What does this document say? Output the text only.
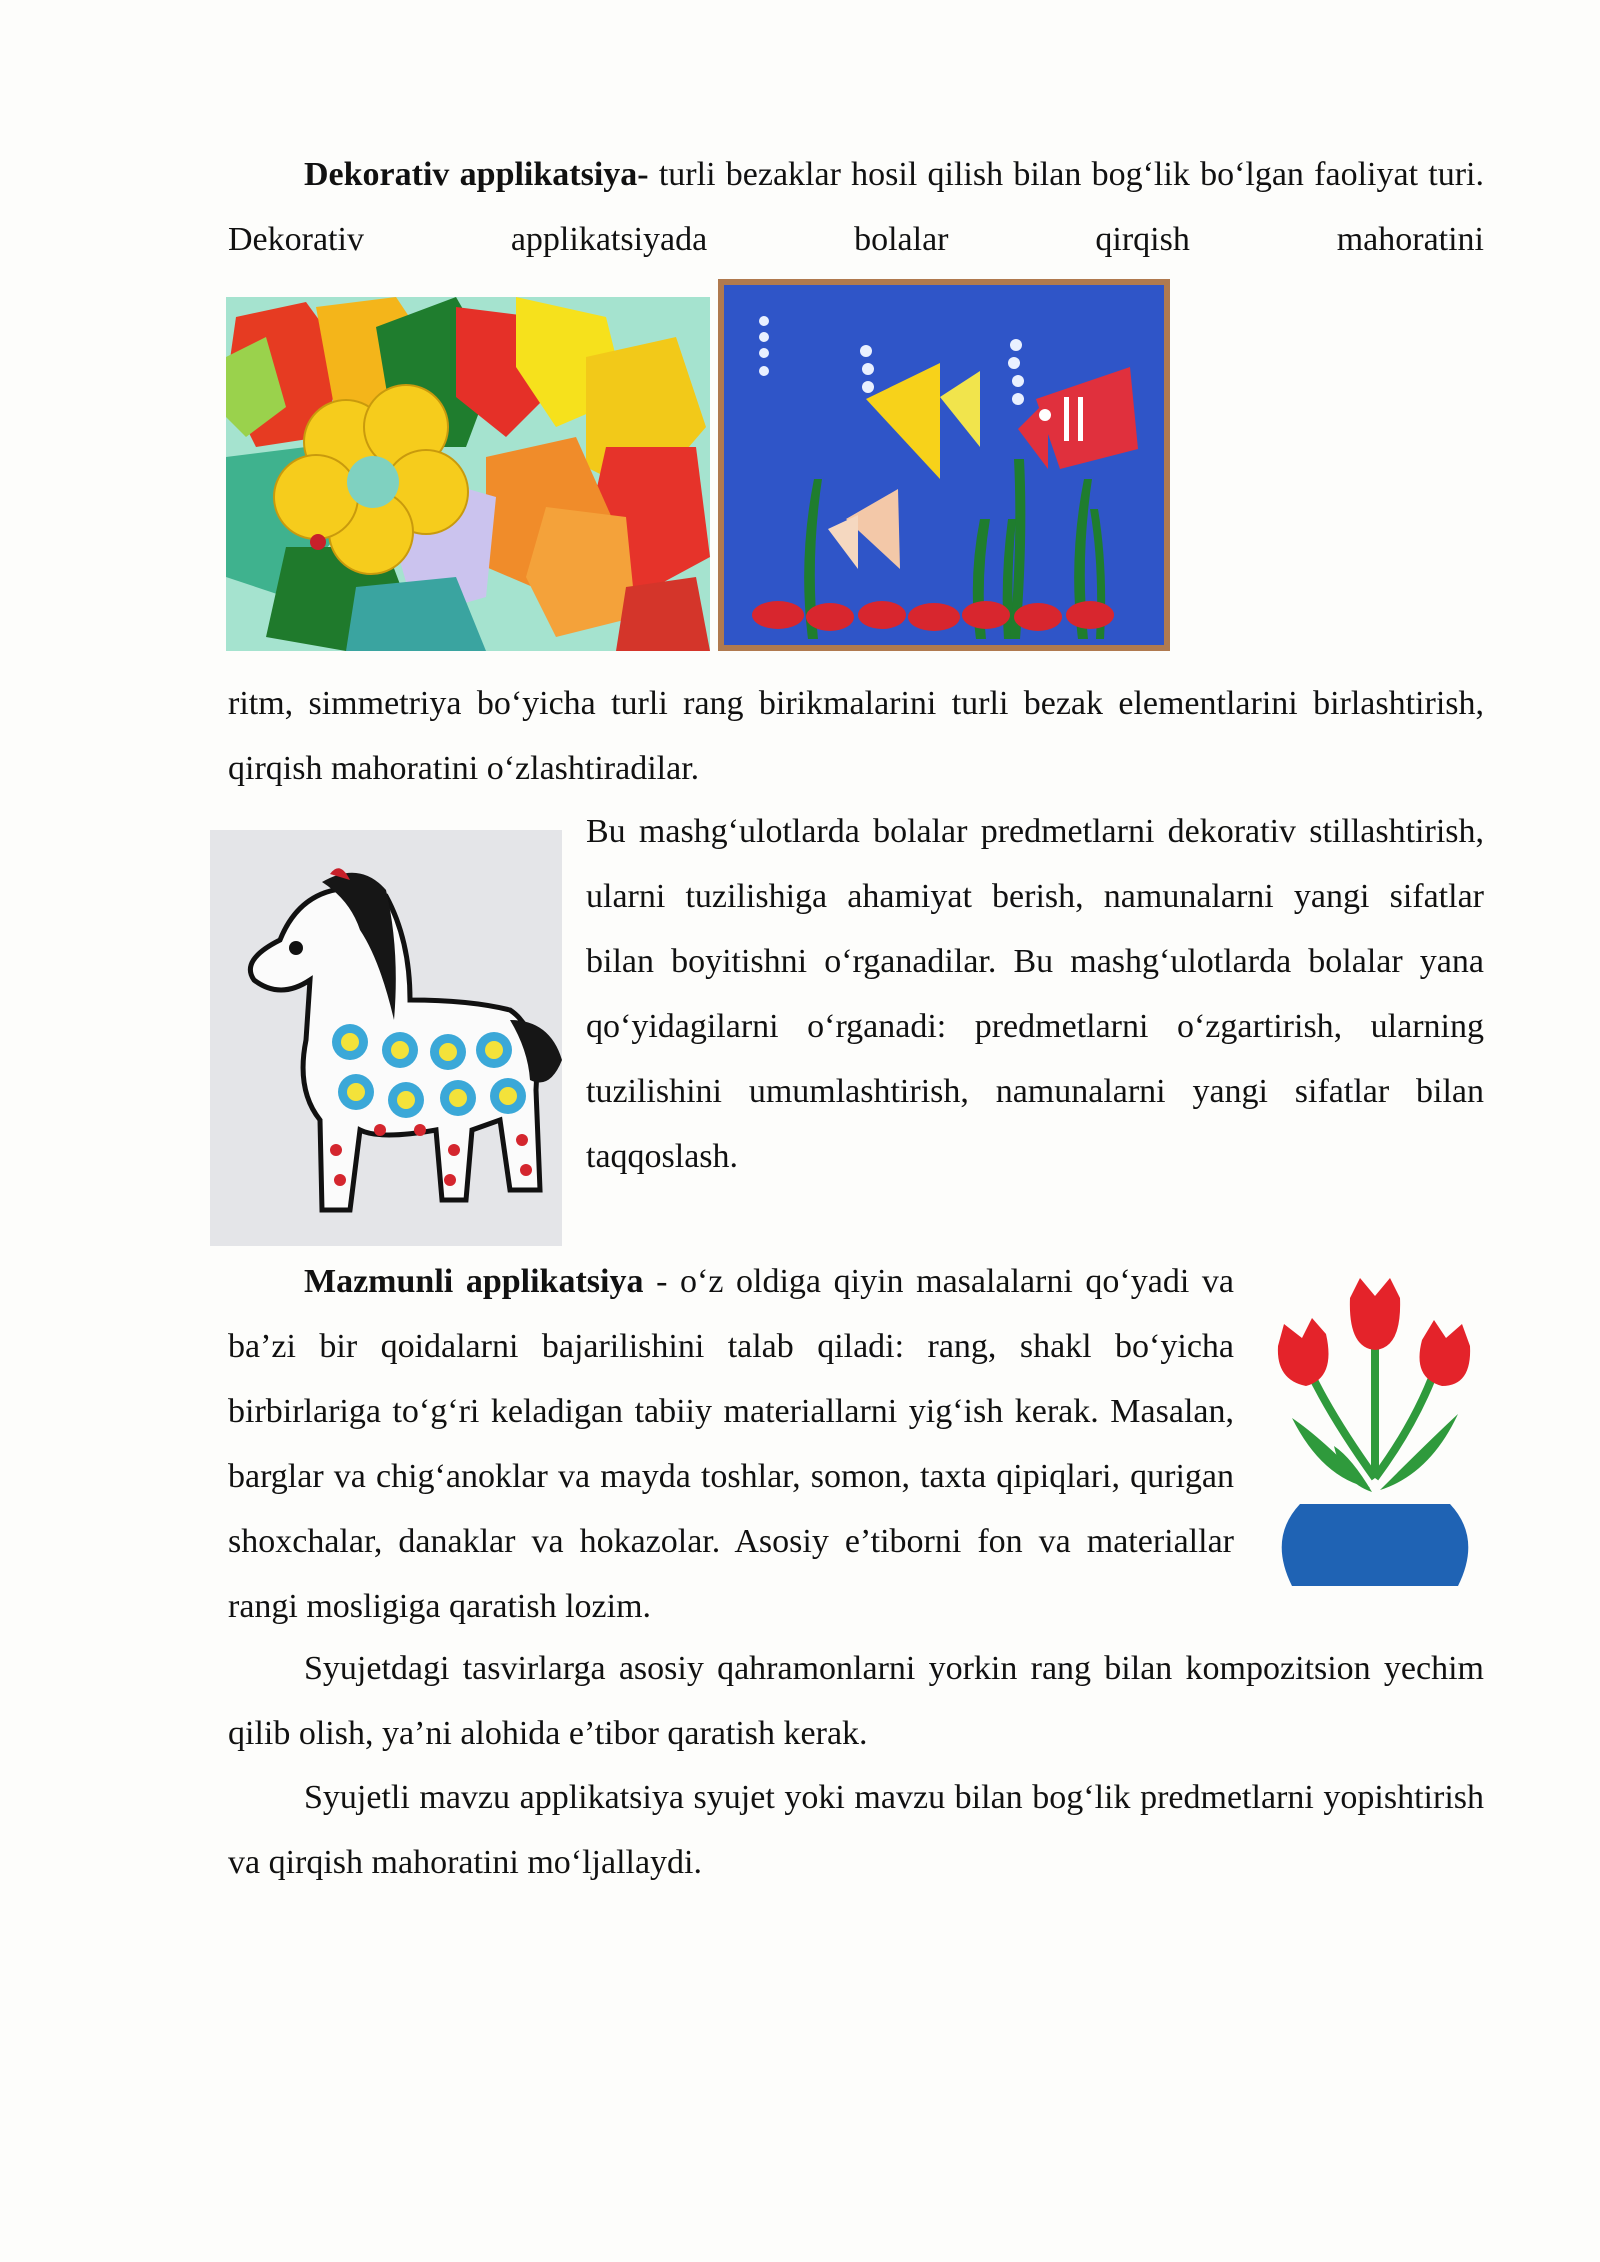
Dekorativ applikatsiya- turli bezaklar hosil qilish bilan bog‘lik bo‘lgan faoliyat turi. Dekorativ applikatsiyada bolalar qirqish mahoratini

ritm, simmetriya bo‘yicha turli rang birikmalarini turli bezak elementlarini birlashtirish, qirqish mahoratini o‘zlashtiradilar.

Bu mashg‘ulotlarda bolalar predmetlarni dekorativ stillashtirish, ularni tuzilishiga ahamiyat berish, namunalarni yangi sifatlar bilan boyitishni o‘rganadilar. Bu mashg‘ulotlarda bolalar yana qo‘yidagilarni o‘rganadi: predmetlarni o‘zgartirish, ularning tuzilishini umumlashtirish, namunalarni yangi sifatlar bilan taqqoslash.

Mazmunli applikatsiya - o‘z oldiga qiyin masalalarni qo‘yadi va ba’zi bir qoidalarni bajarilishini talab qiladi: rang, shakl bo‘yicha birbirlariga to‘g‘ri keladigan tabiiy materiallarni yig‘ish kerak. Masalan, barglar va chig‘anoklar va mayda toshlar, somon, taxta qipiqlari, qurigan shoxchalar, danaklar va hokazolar. Asosiy e’tiborni fon va materiallar rangi mosligiga qaratish lozim.

Syujetdagi tasvirlarga asosiy qahramonlarni yorkin rang bilan kompozitsion yechim qilib olish, ya’ni alohida e’tibor qaratish kerak.

Syujetli mavzu applikatsiya syujet yoki mavzu bilan bog‘lik predmetlarni yopishtirish va qirqish mahoratini mo‘ljallaydi.
